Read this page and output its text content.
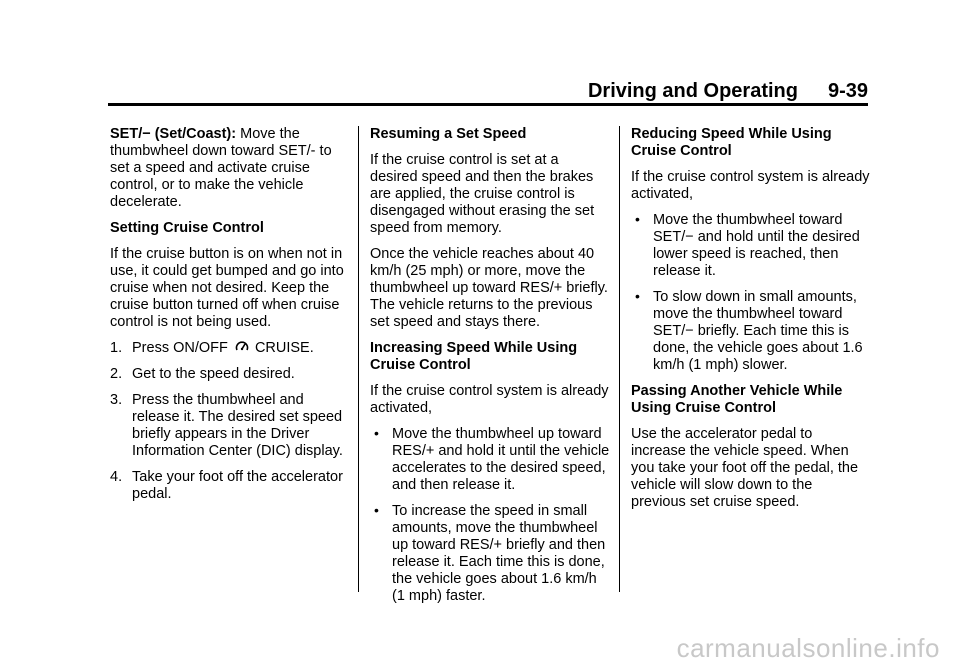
Driving and Operating 9-39

SET/− (Set/Coast): Move the thumbwheel down toward SET/- to set a speed and activate cruise control, or to make the vehicle decelerate.

Setting Cruise Control

If the cruise button is on when not in use, it could get bumped and go into cruise when not desired. Keep the cruise button turned off when cruise control is not being used.

1. Press ON/OFF CRUISE.
2. Get to the speed desired.
3. Press the thumbwheel and release it. The desired set speed briefly appears in the Driver Information Center (DIC) display.
4. Take your foot off the accelerator pedal.
Resuming a Set Speed

If the cruise control is set at a desired speed and then the brakes are applied, the cruise control is disengaged without erasing the set speed from memory.

Once the vehicle reaches about 40 km/h (25 mph) or more, move the thumbwheel up toward RES/+ briefly. The vehicle returns to the previous set speed and stays there.

Increasing Speed While Using Cruise Control

If the cruise control system is already activated,

• Move the thumbwheel up toward RES/+ and hold it until the vehicle accelerates to the desired speed, and then release it.
• To increase the speed in small amounts, move the thumbwheel up toward RES/+ briefly and then release it. Each time this is done, the vehicle goes about 1.6 km/h (1 mph) faster.
Reducing Speed While Using Cruise Control

If the cruise control system is already activated,

• Move the thumbwheel toward SET/− and hold until the desired lower speed is reached, then release it.
• To slow down in small amounts, move the thumbwheel toward SET/− briefly. Each time this is done, the vehicle goes about 1.6 km/h (1 mph) slower.
Passing Another Vehicle While Using Cruise Control

Use the accelerator pedal to increase the vehicle speed. When you take your foot off the pedal, the vehicle will slow down to the previous set cruise speed.

carmanualsonline.info
